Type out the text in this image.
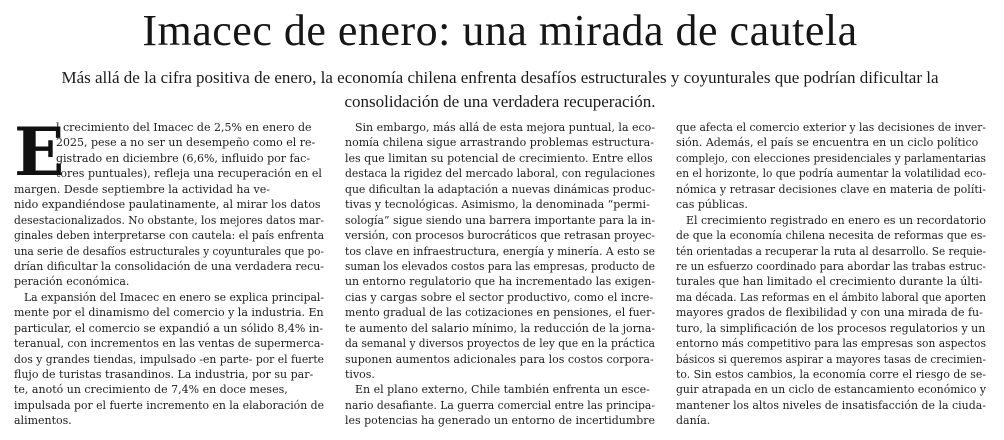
Imacec de enero: una mirada de cautela

Más allá de la cifra positiva de enero, la economía chilena enfrenta desafíos estructurales y coyunturales que podrían dificultar la
consolidación de una verdadera recuperación.

E
l crecimiento del Imacec de 2,5% en enero de
2025, pese a no ser un desempeño como el re-
gistrado en diciembre (6,6%, influido por fac-
tores puntuales), refleja una recuperación en el
margen. Desde septiembre la actividad ha ve-
nido expandiéndose paulatinamente, al mirar los datos
desestacionalizados. No obstante, los mejores datos mar-
ginales deben interpretarse con cautela: el país enfrenta
una serie de desafíos estructurales y coyunturales que po-
drían dificultar la consolidación de una verdadera recu-
peración económica.
La expansión del Imacec en enero se explica principal-
mente por el dinamismo del comercio y la industria. En
particular, el comercio se expandió a un sólido 8,4% in-
teranual, con incrementos en las ventas de supermerca-
dos y grandes tiendas, impulsado -en parte- por el fuerte
flujo de turistas trasandinos. La industria, por su par-
te, anotó un crecimiento de 7,4% en doce meses,
impulsada por el fuerte incremento en la elaboración de
alimentos.
Sin embargo, más allá de esta mejora puntual, la eco-
nomía chilena sigue arrastrando problemas estructura-
les que limitan su potencial de crecimiento. Entre ellos
destaca la rigidez del mercado laboral, con regulaciones
que dificultan la adaptación a nuevas dinámicas produc-
tivas y tecnológicas. Asimismo, la denominada “permi-
sología” sigue siendo una barrera importante para la in-
versión, con procesos burocráticos que retrasan proyec-
tos clave en infraestructura, energía y minería. A esto se
suman los elevados costos para las empresas, producto de
un entorno regulatorio que ha incrementado las exigen-
cias y cargas sobre el sector productivo, como el incre-
mento gradual de las cotizaciones en pensiones, el fuer-
te aumento del salario mínimo, la reducción de la jorna-
da semanal y diversos proyectos de ley que en la práctica
suponen aumentos adicionales para los costos corpora-
tivos.
En el plano externo, Chile también enfrenta un esce-
nario desafiante. La guerra comercial entre las principa-
les potencias ha generado un entorno de incertidumbre
que afecta el comercio exterior y las decisiones de inver-
sión. Además, el país se encuentra en un ciclo político
complejo, con elecciones presidenciales y parlamentarias
en el horizonte, lo que podría aumentar la volatilidad eco-
nómica y retrasar decisiones clave en materia de políti-
cas públicas.
El crecimiento registrado en enero es un recordatorio
de que la economía chilena necesita de reformas que es-
tén orientadas a recuperar la ruta al desarrollo. Se requie-
re un esfuerzo coordinado para abordar las trabas estruc-
turales que han limitado el crecimiento durante la últi-
ma década. Las reformas en el ámbito laboral que aporten
mayores grados de flexibilidad y con una mirada de fu-
turo, la simplificación de los procesos regulatorios y un
entorno más competitivo para las empresas son aspectos
básicos si queremos aspirar a mayores tasas de crecimien-
to. Sin estos cambios, la economía corre el riesgo de se-
guir atrapada en un ciclo de estancamiento económico y
mantener los altos niveles de insatisfacción de la ciuda-
danía.
